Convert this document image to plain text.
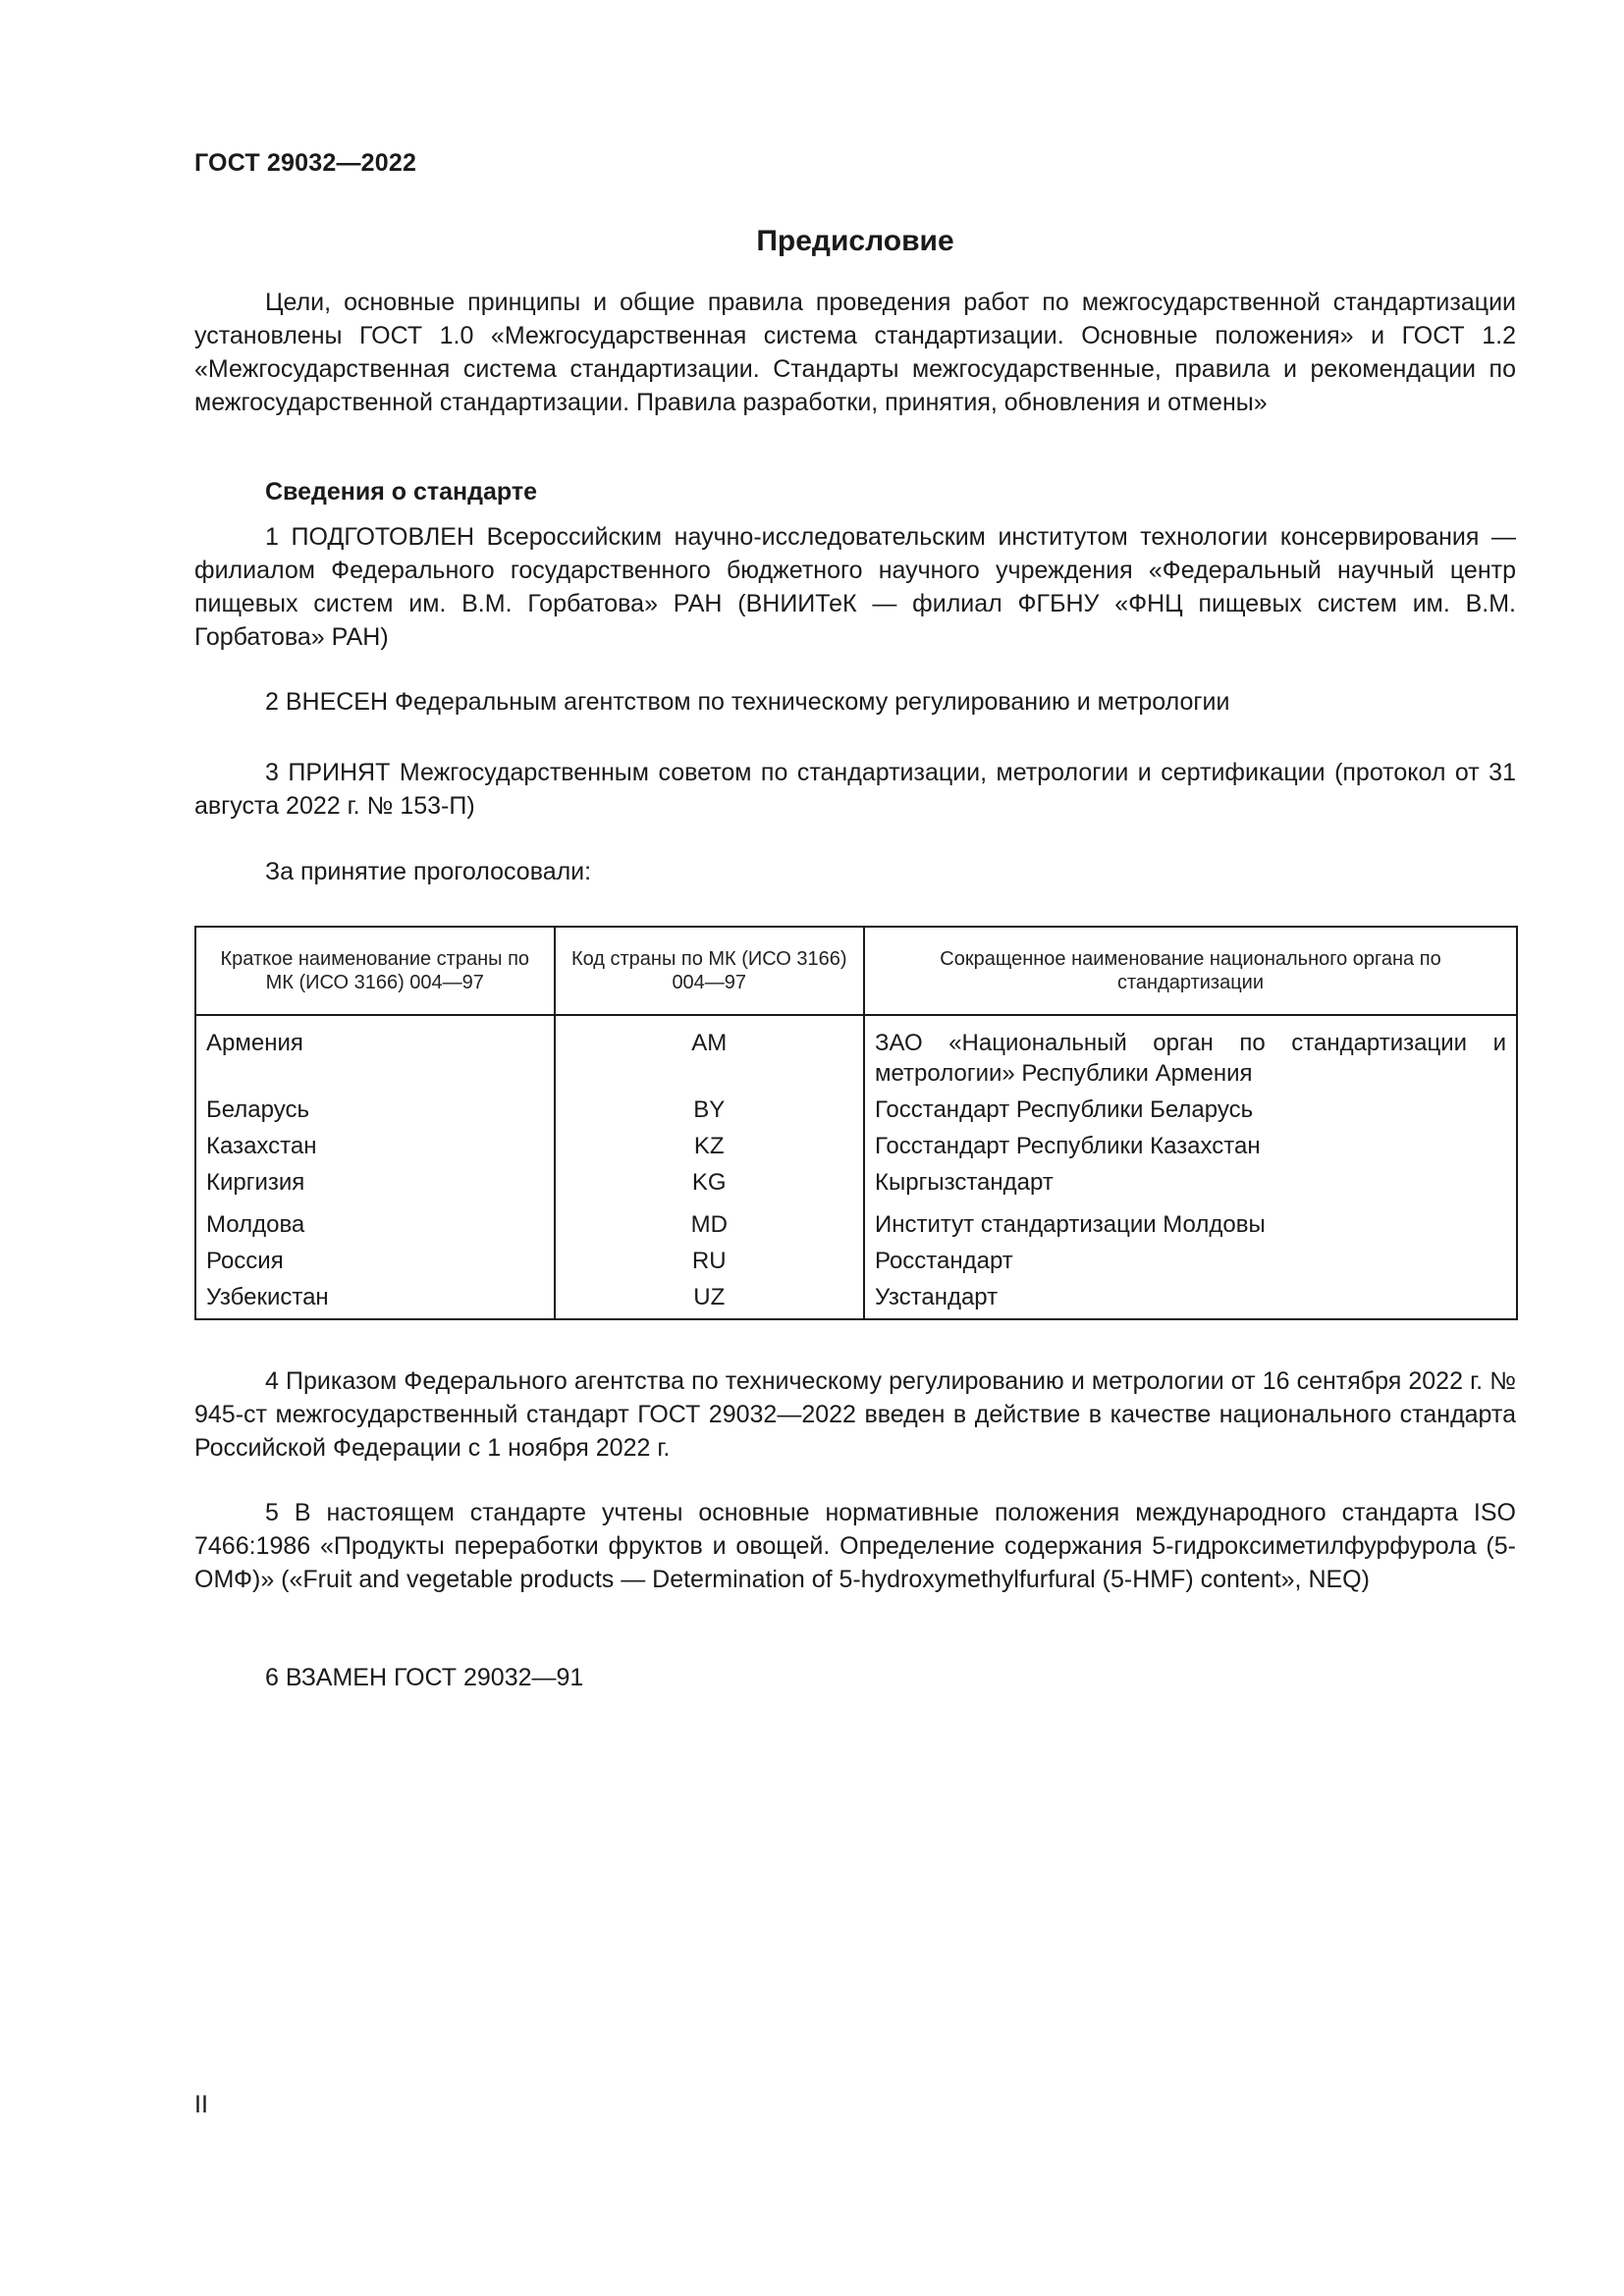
ГОСТ 29032—2022
Предисловие

Цели, основные принципы и общие правила проведения работ по межгосударственной стандартизации установлены ГОСТ 1.0 «Межгосударственная система стандартизации. Основные положения» и ГОСТ 1.2 «Межгосударственная система стандартизации. Стандарты межгосударственные, правила и рекомендации по межгосударственной стандартизации. Правила разработки, принятия, обновления и отмены»

Сведения о стандарте

1 ПОДГОТОВЛЕН Всероссийским научно-исследовательским институтом технологии консервирования — филиалом Федерального государственного бюджетного научного учреждения «Федеральный научный центр пищевых систем им. В.М. Горбатова» РАН (ВНИИТеК — филиал ФГБНУ «ФНЦ пищевых систем им. В.М. Горбатова» РАН)

2 ВНЕСЕН Федеральным агентством по техническому регулированию и метрологии

3 ПРИНЯТ Межгосударственным советом по стандартизации, метрологии и сертификации (протокол от 31 августа 2022 г. № 153-П)

За принятие проголосовали:

Краткое наименование страны по МК (ИСО 3166) 004—97	Код страны по МК (ИСО 3166) 004—97	Сокращенное наименование национального органа по стандартизации
Армения	AM	ЗАО «Национальный орган по стандартизации и метрологии» Республики Армения
Беларусь	BY	Госстандарт Республики Беларусь
Казахстан	KZ	Госстандарт Республики Казахстан
Киргизия	KG	Кыргызстандарт
Молдова	MD	Институт стандартизации Молдовы
Россия	RU	Росстандарт
Узбекистан	UZ	Узстандарт

4 Приказом Федерального агентства по техническому регулированию и метрологии от 16 сентября 2022 г. № 945-ст межгосударственный стандарт ГОСТ 29032—2022 введен в действие в качестве национального стандарта Российской Федерации с 1 ноября 2022 г.

5 В настоящем стандарте учтены основные нормативные положения международного стандарта ISO 7466:1986 «Продукты переработки фруктов и овощей. Определение содержания 5-гидроксиметилфурфурола (5-ОМФ)» («Fruit and vegetable products — Determination of 5-hydroxymethylfurfural (5-HMF) content», NEQ)

6 ВЗАМЕН ГОСТ 29032—91

II
